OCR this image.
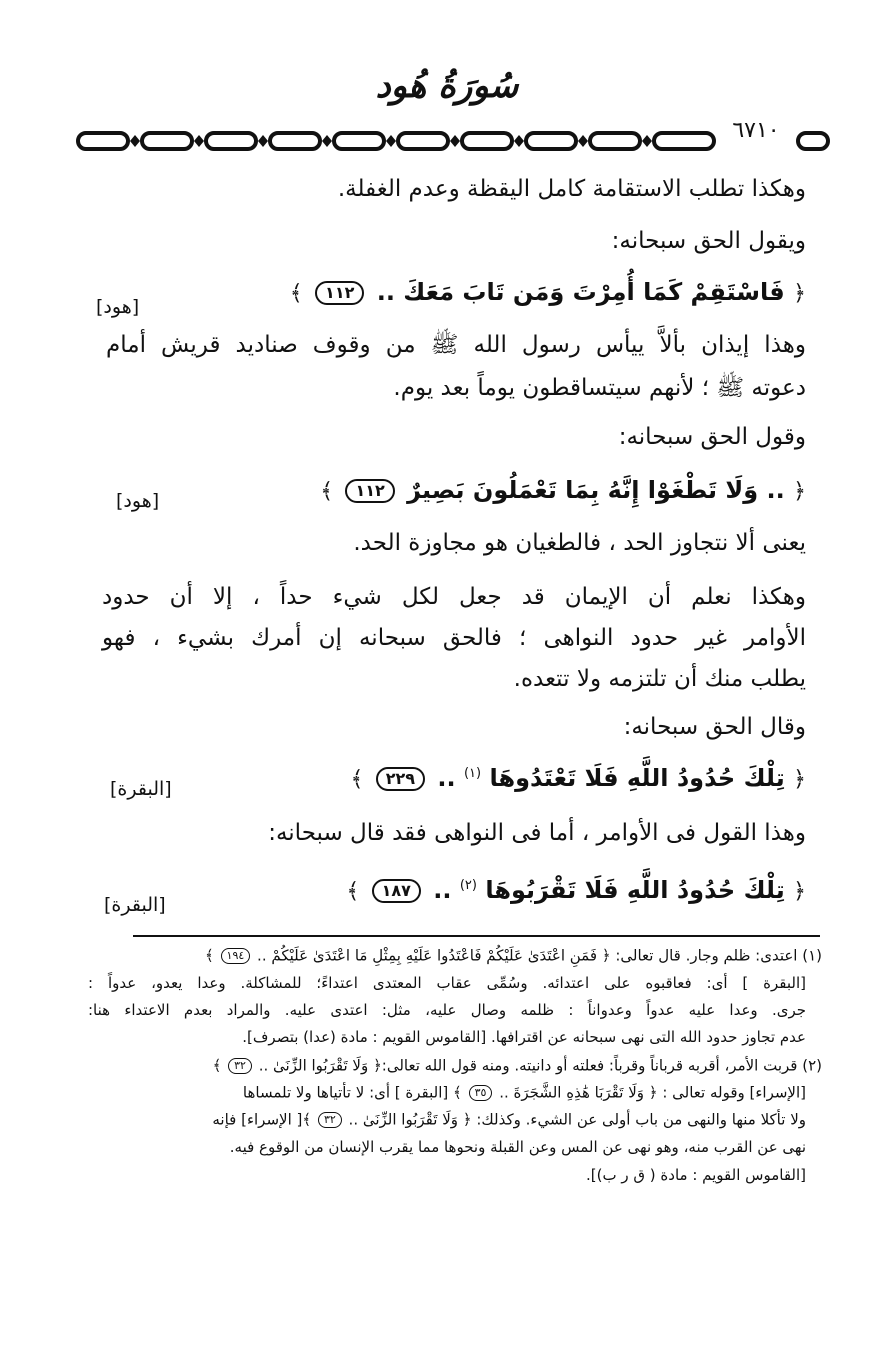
سُورَةُ هُود
٦٧١٠
وهكذا تطلب الاستقامة كامل اليقظة وعدم الغفلة.
ويقول الحق سبحانه:
﴿ فَاسْتَقِمْ كَمَا أُمِرْتَ وَمَن تَابَ مَعَكَ .. ١١٢ ﴾
[هود]
وهذا إيذان بألاَّ ييأس رسول الله ﷺ من وقوف صناديد قريش أمام
دعوته ﷺ ؛ لأنهم سيتساقطون يوماً بعد يوم.
وقول الحق سبحانه:
﴿ .. وَلَا تَطْغَوْا إِنَّهُ بِمَا تَعْمَلُونَ بَصِيرٌ ١١٢ ﴾
[هود]
يعنى ألا نتجاوز الحد ، فالطغيان هو مجاوزة الحد.
وهكذا نعلم أن الإيمان قد جعل لكل شيء حداً ، إلا أن حدود
الأوامر غير حدود النواهى ؛ فالحق سبحانه إن أمرك بشيء ، فهو
يطلب منك أن تلتزمه ولا تتعده.
وقال الحق سبحانه:
﴿ تِلْكَ حُدُودُ اللَّهِ فَلَا تَعْتَدُوهَا $^{(١)}$ .. ٢٢٩ ﴾
[البقرة]
وهذا القول فى الأوامر ، أما فى النواهى فقد قال سبحانه:
﴿ تِلْكَ حُدُودُ اللَّهِ فَلَا تَقْرَبُوهَا $^{(٢)}$ .. ١٨٧ ﴾
[البقرة]
(١) اعتدى: ظلم وجار. قال تعالى: ﴿ فَمَنِ اعْتَدَىٰ عَلَيْكُمْ فَاعْتَدُوا عَلَيْهِ بِمِثْلِ مَا اعْتَدَىٰ عَلَيْكُمْ .. ١٩٤ ﴾
[البقرة ] أى: فعاقبوه على اعتدائه. وسُمِّى عقاب المعتدى اعتداءً؛ للمشاكلة. وعدا يعدو، عدواً :
جرى. وعدا عليه عدواً وعدواناً : ظلمه وصال عليه، مثل: اعتدى عليه. والمراد بعدم الاعتداء هنا:
عدم تجاوز حدود الله التى نهى سبحانه عن اقترافها. [القاموس القويم : مادة (عدا) بتصرف].
(٢) قربت الأمر، أقربه قرباناً وقرباً: فعلته أو دانيته. ومنه قول الله تعالى:﴿ وَلَا تَقْرَبُوا الزِّنَىٰ .. ٣٢ ﴾
[الإسراء] وقوله تعالى : ﴿ وَلَا تَقْرَبَا هَٰذِهِ الشَّجَرَةَ .. ٣٥ ﴾ [البقرة ] أى: لا تأتياها ولا تلمساها
ولا تأكلا منها والنهى من باب أولى عن الشيء. وكذلك: ﴿ وَلَا تَقْرَبُوا الزِّنَىٰ .. ٣٢ ﴾[ الإسراء] فإنه
نهى عن القرب منه، وهو نهى عن المس وعن القبلة ونحوها مما يقرب الإنسان من الوقوع فيه.
[القاموس القويم : مادة ( ق ر ب)].
